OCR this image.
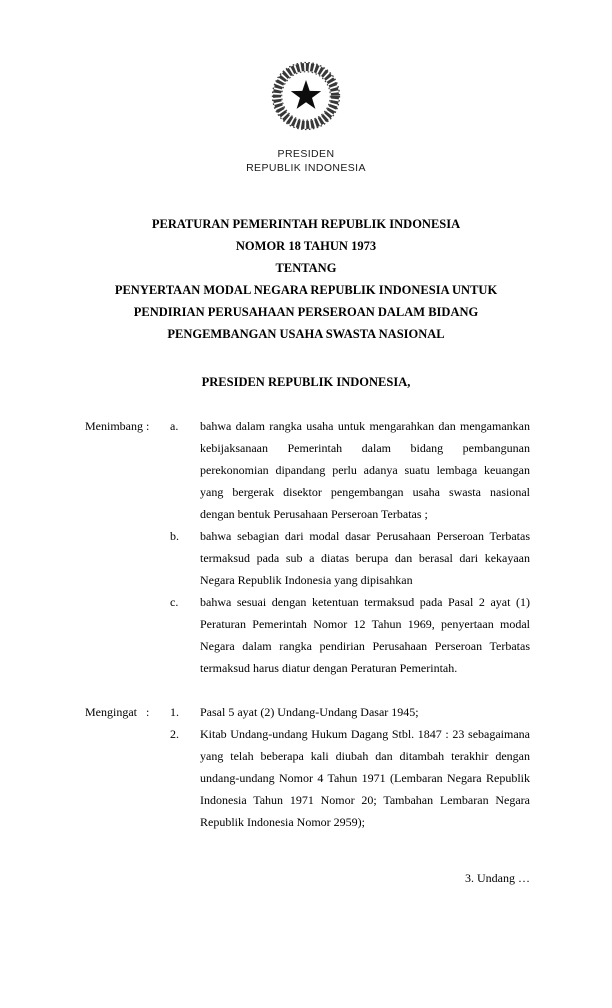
PRESIDEN
REPUBLIK INDONESIA
PERATURAN PEMERINTAH REPUBLIK INDONESIA
NOMOR 18 TAHUN 1973
TENTANG
PENYERTAAN MODAL NEGARA REPUBLIK INDONESIA UNTUK
PENDIRIAN PERUSAHAAN PERSEROAN DALAM BIDANG
PENGEMBANGAN USAHA SWASTA NASIONAL
PRESIDEN REPUBLIK INDONESIA,
Menimbang :	a.	bahwa dalam rangka usaha untuk mengarahkan dan mengamankan kebijaksanaan Pemerintah dalam bidang pembangunan perekonomian dipandang perlu adanya suatu lembaga keuangan yang bergerak disektor pengembangan usaha swasta nasional dengan bentuk Perusahaan Perseroan Terbatas ;
b.	bahwa sebagian dari modal dasar Perusahaan Perseroan Terbatas termaksud pada sub a diatas berupa dan berasal dari kekayaan Negara Republik Indonesia yang dipisahkan
c.	bahwa sesuai dengan ketentuan termaksud pada Pasal 2 ayat (1) Peraturan Pemerintah Nomor 12 Tahun 1969, penyertaan modal Negara dalam rangka pendirian Perusahaan Perseroan Terbatas termaksud harus diatur dengan Peraturan Pemerintah.
Mengingat :	1.	Pasal 5 ayat (2) Undang-Undang Dasar 1945;
2.	Kitab Undang-undang Hukum Dagang Stbl. 1847 : 23 sebagaimana yang telah beberapa kali diubah dan ditambah terakhir dengan undang-undang Nomor 4 Tahun 1971 (Lembaran Negara Republik Indonesia Tahun 1971 Nomor 20; Tambahan Lembaran Negara Republik Indonesia Nomor 2959);
3. Undang …
